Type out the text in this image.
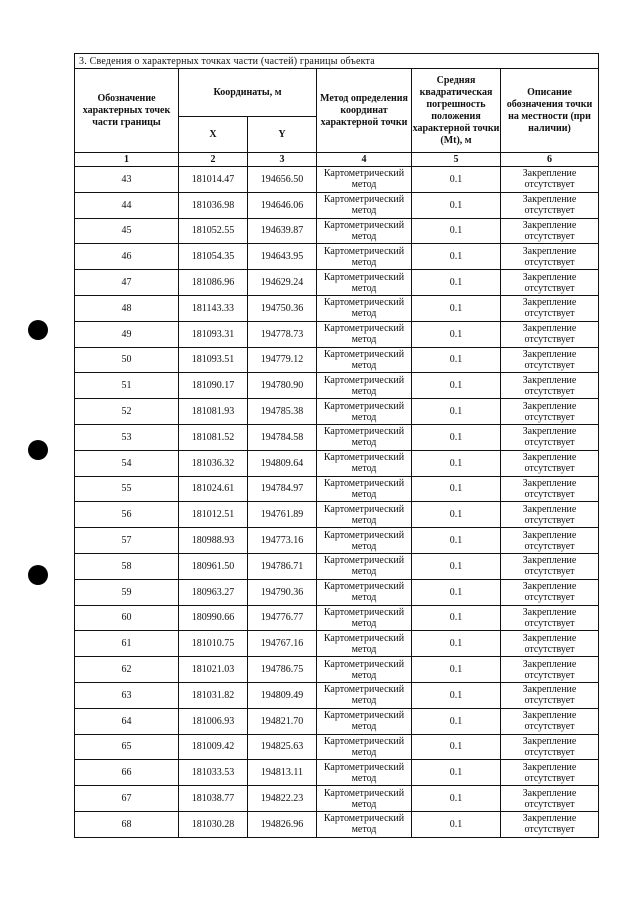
3. Сведения о характерных точках части (частей) границы объекта					
Обозначение характерных точек части границы	Координаты, м		Метод определения координат характерной точки	Средняя квадратическая погрешность положения характерной точки (Mt), м	Описание обозначения точки на местности (при наличии)
	X	Y			
1	2	3	4	5	6
43	181014.47	194656.50	Картометрический метод	0.1	Закрепление отсутствует
44	181036.98	194646.06	Картометрический метод	0.1	Закрепление отсутствует
45	181052.55	194639.87	Картометрический метод	0.1	Закрепление отсутствует
46	181054.35	194643.95	Картометрический метод	0.1	Закрепление отсутствует
47	181086.96	194629.24	Картометрический метод	0.1	Закрепление отсутствует
48	181143.33	194750.36	Картометрический метод	0.1	Закрепление отсутствует
49	181093.31	194778.73	Картометрический метод	0.1	Закрепление отсутствует
50	181093.51	194779.12	Картометрический метод	0.1	Закрепление отсутствует
51	181090.17	194780.90	Картометрический метод	0.1	Закрепление отсутствует
52	181081.93	194785.38	Картометрический метод	0.1	Закрепление отсутствует
53	181081.52	194784.58	Картометрический метод	0.1	Закрепление отсутствует
54	181036.32	194809.64	Картометрический метод	0.1	Закрепление отсутствует
55	181024.61	194784.97	Картометрический метод	0.1	Закрепление отсутствует
56	181012.51	194761.89	Картометрический метод	0.1	Закрепление отсутствует
57	180988.93	194773.16	Картометрический метод	0.1	Закрепление отсутствует
58	180961.50	194786.71	Картометрический метод	0.1	Закрепление отсутствует
59	180963.27	194790.36	Картометрический метод	0.1	Закрепление отсутствует
60	180990.66	194776.77	Картометрический метод	0.1	Закрепление отсутствует
61	181010.75	194767.16	Картометрический метод	0.1	Закрепление отсутствует
62	181021.03	194786.75	Картометрический метод	0.1	Закрепление отсутствует
63	181031.82	194809.49	Картометрический метод	0.1	Закрепление отсутствует
64	181006.93	194821.70	Картометрический метод	0.1	Закрепление отсутствует
65	181009.42	194825.63	Картометрический метод	0.1	Закрепление отсутствует
66	181033.53	194813.11	Картометрический метод	0.1	Закрепление отсутствует
67	181038.77	194822.23	Картометрический метод	0.1	Закрепление отсутствует
68	181030.28	194826.96	Картометрический метод	0.1	Закрепление отсутствует
